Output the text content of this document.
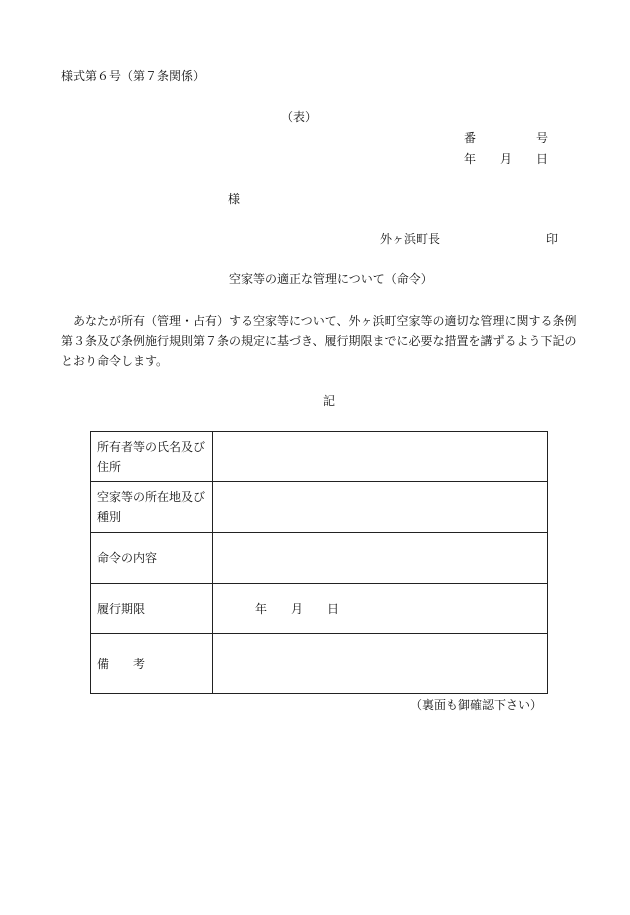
様式第６号（第７条関係）
（表）
番	号
年 月 日
様
外ヶ浜町長	印
空家等の適正な管理について（命令）
あなたが所有（管理・占有）する空家等について、外ヶ浜町空家等の適切な管理に関する条例第３条及び条例施行規則第７条の規定に基づき、履行期限までに必要な措置を講ずるよう下記のとおり命令します。
記
所有者等の氏名及び住所	
空家等の所在地及び種別	
命令の内容	
履行期限	年 月 日
備考	
（裏面も御確認下さい）
